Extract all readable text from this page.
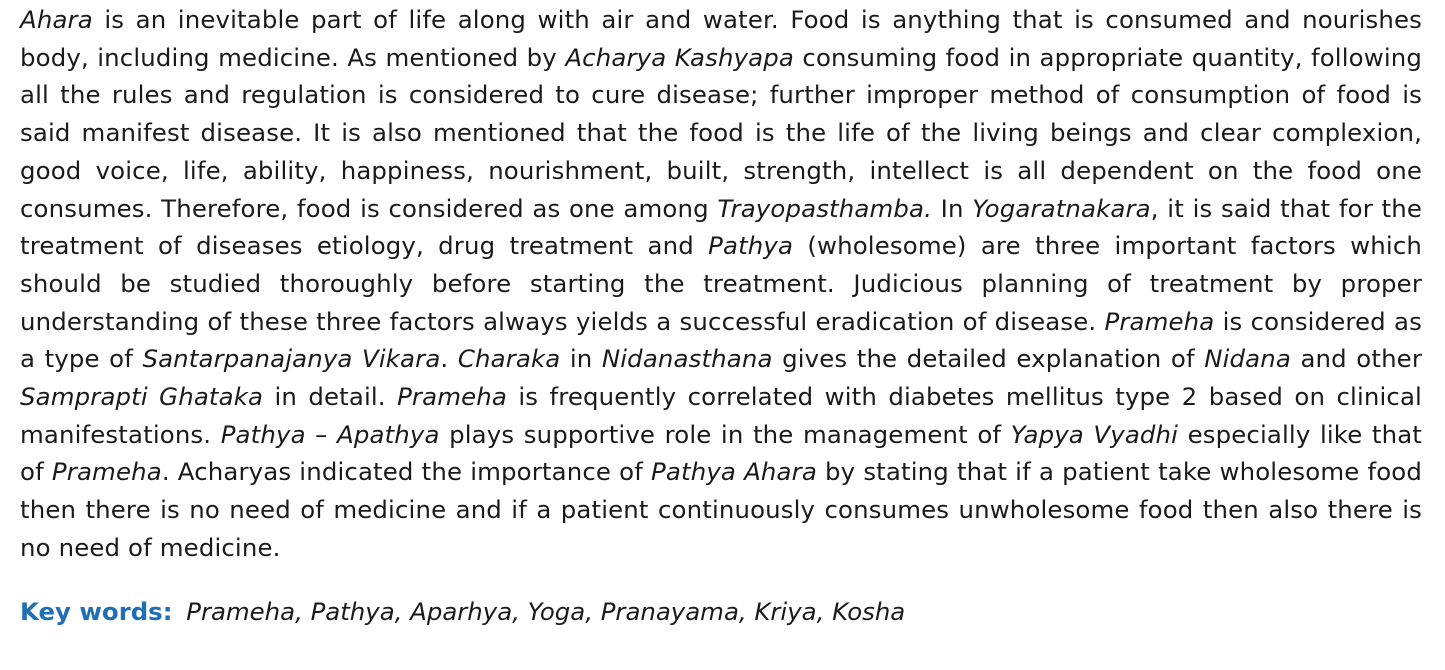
Ahara is an inevitable part of life along with air and water. Food is anything that is consumed and nourishes body, including medicine. As mentioned by Acharya Kashyapa consuming food in appropriate quantity, following all the rules and regulation is considered to cure disease; further improper method of consumption of food is said manifest disease. It is also mentioned that the food is the life of the living beings and clear complexion, good voice, life, ability, happiness, nourishment, built, strength, intellect is all dependent on the food one consumes. Therefore, food is considered as one among Trayopasthamba. In Yogaratnakara, it is said that for the treatment of diseases etiology, drug treatment and Pathya (wholesome) are three important factors which should be studied thoroughly before starting the treatment. Judicious planning of treatment by proper understanding of these three factors always yields a successful eradication of disease. Prameha is considered as a type of Santarpanajanya Vikara. Charaka in Nidanasthana gives the detailed explanation of Nidana and other Samprapti Ghataka in detail. Prameha is frequently correlated with diabetes mellitus type 2 based on clinical manifestations. Pathya – Apathya plays supportive role in the management of Yapya Vyadhi especially like that of Prameha. Acharyas indicated the importance of Pathya Ahara by stating that if a patient take wholesome food then there is no need of medicine and if a patient continuously consumes unwholesome food then also there is no need of medicine.

Key words: Prameha, Pathya, Aparhya, Yoga, Pranayama, Kriya, Kosha
